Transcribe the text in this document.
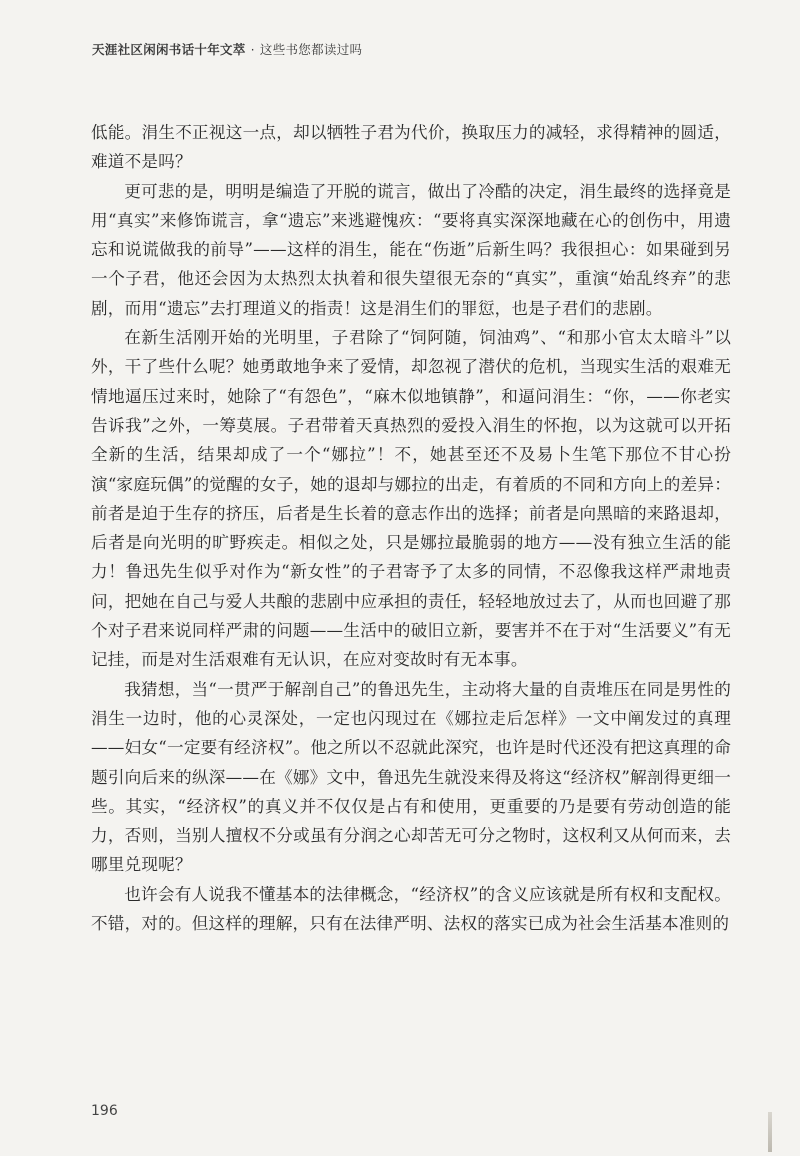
天涯社区闲闲书话十年文萃 · 这些书您都读过吗

低能。涓生不正视这一点，却以牺牲子君为代价，换取压力的减轻，求得精神的圆适，难道不是吗？

更可悲的是，明明是编造了开脱的谎言，做出了冷酷的决定，涓生最终的选择竟是用“真实”来修饰谎言，拿“遗忘”来逃避愧疚：“要将真实深深地藏在心的创伤中，用遗忘和说谎做我的前导”——这样的涓生，能在“伤逝”后新生吗？我很担心：如果碰到另一个子君，他还会因为太热烈太执着和很失望很无奈的“真实”，重演“始乱终弃”的悲剧，而用“遗忘”去打理道义的指责！这是涓生们的罪愆，也是子君们的悲剧。

在新生活刚开始的光明里，子君除了“饲阿随，饲油鸡”、“和那小官太太暗斗”以外，干了些什么呢？她勇敢地争来了爱情，却忽视了潜伏的危机，当现实生活的艰难无情地逼压过来时，她除了“有怨色”，“麻木似地镇静”，和逼问涓生：“你，——你老实告诉我”之外，一筹莫展。子君带着天真热烈的爱投入涓生的怀抱，以为这就可以开拓全新的生活，结果却成了一个“娜拉”！不，她甚至还不及易卜生笔下那位不甘心扮演“家庭玩偶”的觉醒的女子，她的退却与娜拉的出走，有着质的不同和方向上的差异：前者是迫于生存的挤压，后者是生长着的意志作出的选择；前者是向黑暗的来路退却，后者是向光明的旷野疾走。相似之处，只是娜拉最脆弱的地方——没有独立生活的能力！鲁迅先生似乎对作为“新女性”的子君寄予了太多的同情，不忍像我这样严肃地责问，把她在自己与爱人共酿的悲剧中应承担的责任，轻轻地放过去了，从而也回避了那个对子君来说同样严肃的问题——生活中的破旧立新，要害并不在于对“生活要义”有无记挂，而是对生活艰难有无认识，在应对变故时有无本事。

我猜想，当“一贯严于解剖自己”的鲁迅先生，主动将大量的自责堆压在同是男性的涓生一边时，他的心灵深处，一定也闪现过在《娜拉走后怎样》一文中阐发过的真理——妇女“一定要有经济权”。他之所以不忍就此深究，也许是时代还没有把这真理的命题引向后来的纵深——在《娜》文中，鲁迅先生就没来得及将这“经济权”解剖得更细一些。其实，“经济权”的真义并不仅仅是占有和使用，更重要的乃是要有劳动创造的能力，否则，当别人擅权不分或虽有分润之心却苦无可分之物时，这权利又从何而来，去哪里兑现呢？

也许会有人说我不懂基本的法律概念，“经济权”的含义应该就是所有权和支配权。不错，对的。但这样的理解，只有在法律严明、法权的落实已成为社会生活基本准则的

196
